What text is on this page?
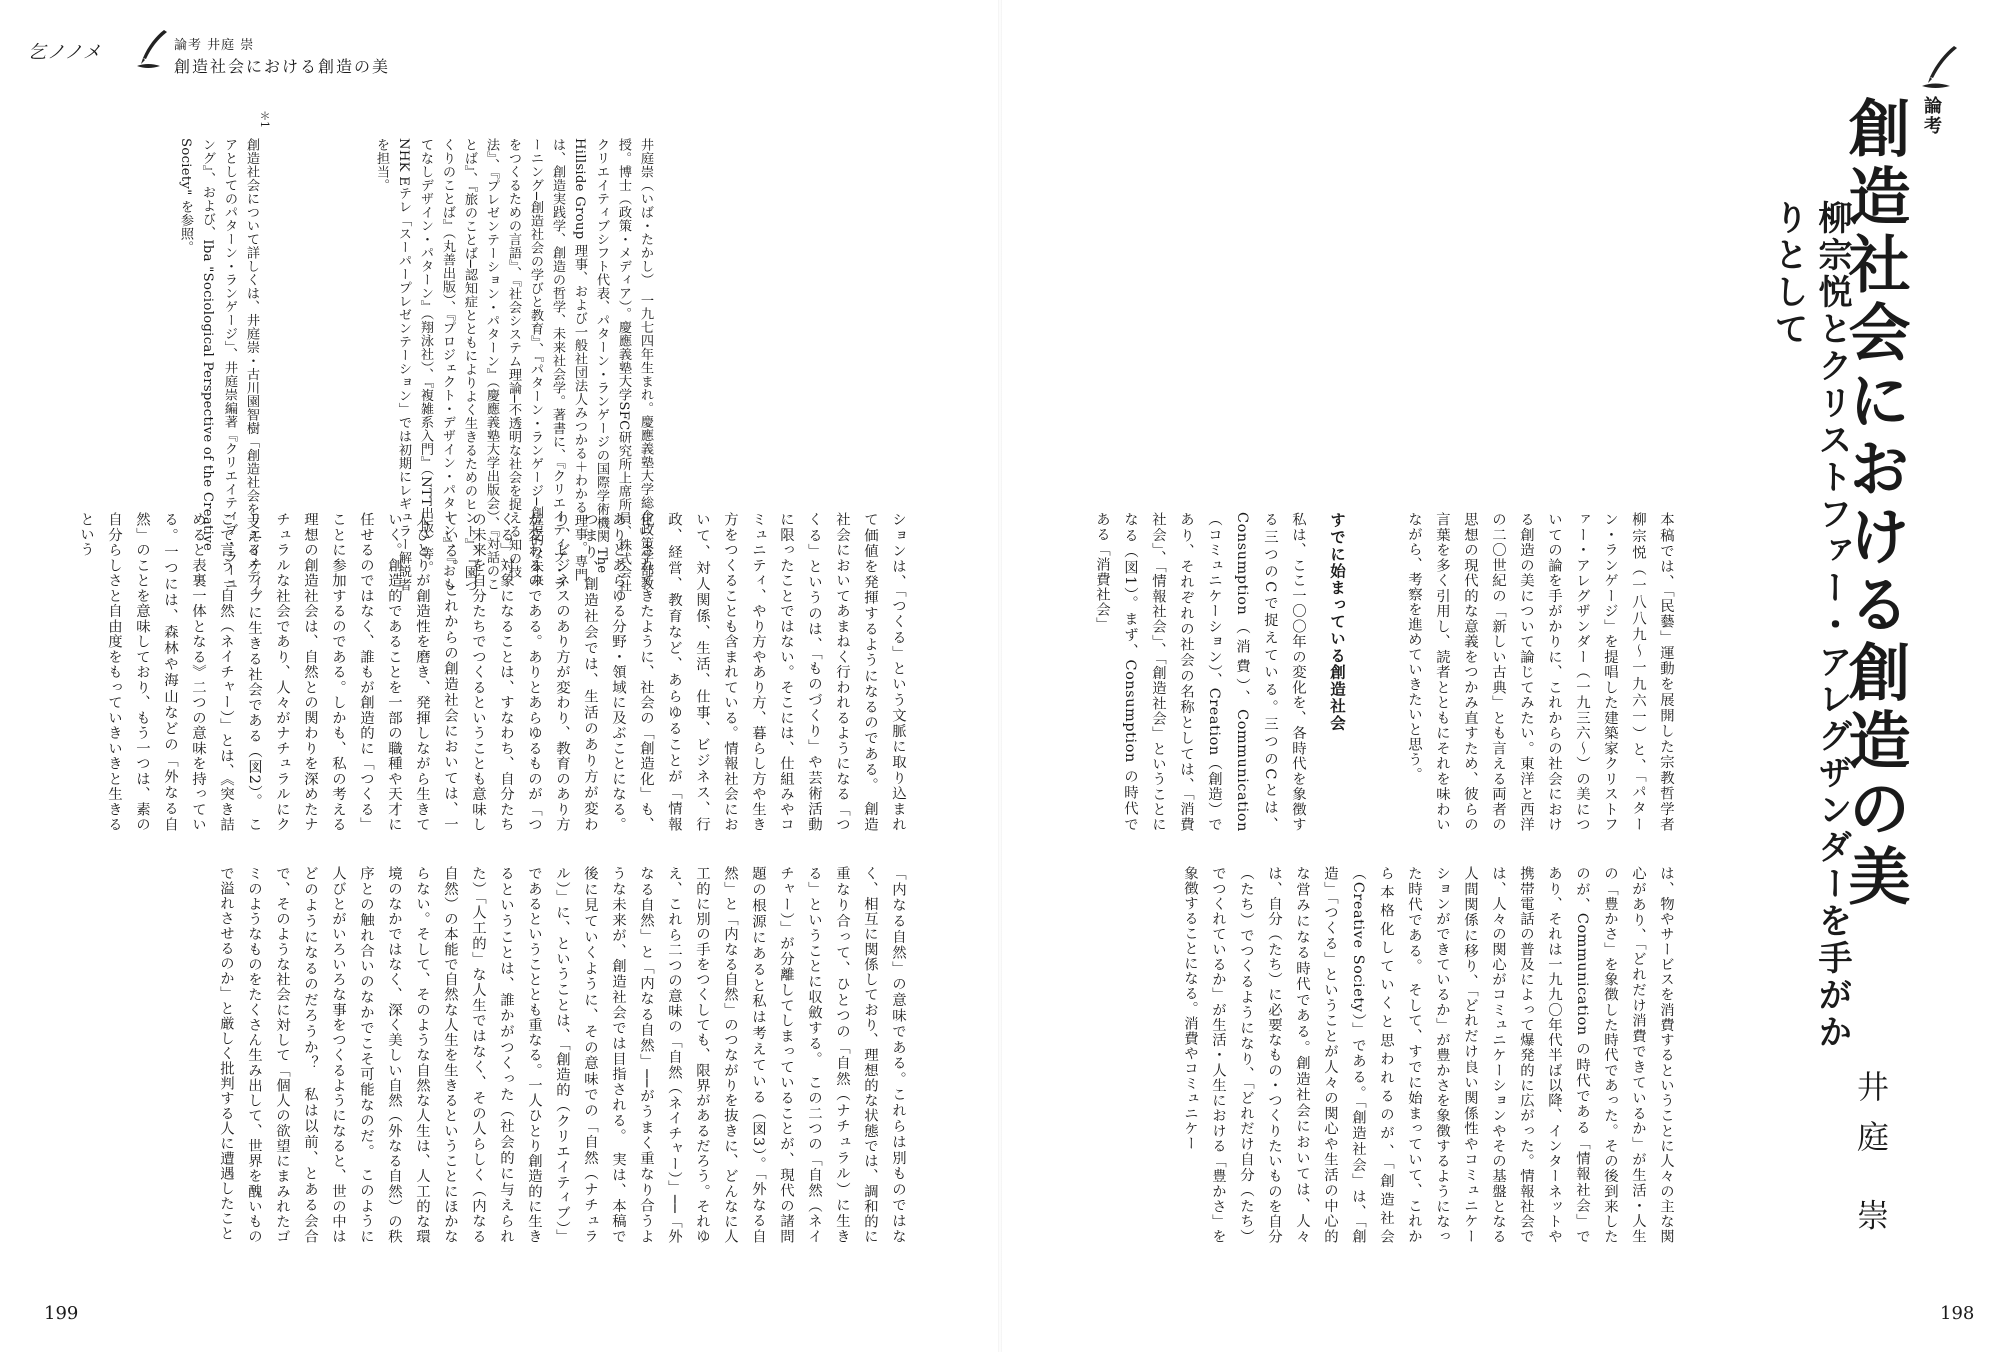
乞ノノメ	論考 井庭 崇
創造社会における創造の美
論考
創造社会における創造の美
柳宗悦とクリストファー・アレグザンダーを手がかりとして
井庭 崇

本稿では、「民藝」運動を展開した宗教哲学者柳宗悦（一八八九〜一九六一）と、「パターン・ランゲージ」を提唱した建築家クリストファー・アレグザンダー（一九三六〜）の美についての論を手がかりに、これからの社会における創造の美について論じてみたい。東洋と西洋の二〇世紀の「新しい古典」とも言える両者の思想の現代的な意義をつかみ直すため、彼らの言葉を多く引用し、読者とともにそれを味わいながら、考察を進めていきたいと思う。

すでに始まっている創造社会

私は、ここ一〇〇年の変化を、各時代を象徴する三つのCで捉えている。三つのCとは、Consumption（消費）、Communication（コミュニケーション）、Creation（創造）であり、それぞれの社会の名称としては、「消費社会」、「情報社会」、「創造社会」ということになる（図1）。まず、Consumption の時代である「消費社会」

は、物やサービスを消費するということに人々の主な関心があり、「どれだけ消費できているか」が生活・人生の「豊かさ」を象徴した時代であった。その後到来したのが、Communication の時代である「情報社会」であり、それは一九九〇年代半ば以降、インターネットや携帯電話の普及によって爆発的に広がった。情報社会では、人々の関心がコミュニケーションやその基盤となる人間関係に移り、「どれだけ良い関係性やコミュニケーションができているか」が豊かさを象徴するようになった時代である。　そして、すでに始まっていて、これから本格化していくと思われるのが、「創造社会（Creative Society）」である。「創造社会」は、「創造」「つくる」ということが人々の関心や生活の中心的な営みになる時代である。創造社会においては、人々は、自分（たち）に必要なもの・つくりたいものを自分（たち）でつくるようになり、「どれだけ自分（たち）でつくれているか」が生活・人生における「豊かさ」を象徴することになる。消費やコミュニケー

198

井庭崇（いば・たかし）　一九七四年生まれ。慶應義塾大学総合政策学部教授。博士（政策・メディア）。慶應義塾大学SFC研究所上席所員、株式会社クリエイティブシフト代表、パターン・ランゲージの国際学術機関 The Hillside Group 理事、および一般社団法人みつかる＋わかる理事。専門は、創造実践学、創造の哲学、未来社会学。著書に、『クリエイティブ・ラーニング─創造社会の学びと教育』、『パターン・ランゲージ─創造的な未来をつくるための言語』、『社会システム理論─不透明な社会を捉える知の技法』、『プレゼンテーション・パターン』（慶應義塾大学出版会）、『対話のことば』、『旅のことば─認知症とともによりよく生きるためのヒント』、『園づくりのことば』（丸善出版）、『プロジェクト・デザイン・パターン』、『おもてなしデザイン・パターン』（翔泳社）、『複雑系入門』（NTT出版）等。NHK Eテレ「スーパープレゼンテーション」では初期にレギュラー解説者を担当。

＊1

創造社会について詳しくは、井庭崇・古川園智樹「創造社会を支えるメディアとしてのパターン・ランゲージ」、井庭崇編著『クリエイティブ・ラーニング』、および、Iba "Sociological Perspective of the Creative Society" を参照。

ションは、「つくる」という文脈に取り込まれて価値を発揮するようになるのである。　創造社会においてあまねく行われるようになる「つくる」というのは、「ものづくり」や芸術活動に限ったことではない。そこには、仕組みやコミュニティ、やり方やあり方、暮らし方や生き方をつくることも含まれている。情報社会において、対人関係、生活、仕事、ビジネス、行政、経営、教育など、あらゆることが「情報化」されてきたように、社会の「創造化」も、ありとあらゆる分野・領域に及ぶことになる。つまり、創造社会では、生活のあり方が変わり、ビジネスのあり方が変わり、教育のあり方が変わるのである。ありとあらゆるものが「つくる」対象になることは、すなわち、自分たちの未来を自分たちでつくるということも意味している。　これからの創造社会においては、一人ひとりが創造性を磨き、発揮しながら生きていく。創造的であることを一部の職種や天才に任せるのではなく、誰もが創造的に「つくる」ことに参加するのである。しかも、私の考える理想の創造社会は、自然との関わりを深めたナチュラルな社会であり、人々がナチュラルにクリエイティブに生きる社会である（図2）。　ここで言う「自然（ネイチャー）」とは、《突き詰めると表裏一体となる》二つの意味を持っている。一つには、森林や海山などの「外なる自然」のことを意味しており、もう一つは、素の自分らしさと自由度をもっていきいきと生きるという

「内なる自然」の意味である。これらは別ものではなく、相互に関係しており、理想的な状態では、調和的に重なり合って、ひとつの「自然（ナチュラル）に生きる」ということに収斂する。　この二つの「自然（ネイチャー）」が分離してしまっていることが、現代の諸問題の根源にあると私は考えている（図3）。「外なる自然」と「内なる自然」のつながりを抜きに、どんなに人工的に別の手をつくしても、限界があるだろう。それゆえ、これら二つの意味の「自然（ネイチャー）」──「外なる自然」と「内なる自然」──がうまく重なり合うような未来が、創造社会では目指される。　実は、本稿で後に見ていくように、その意味での「自然（ナチュラル）」に、ということは、「創造的（クリエイティブ）」であるということとも重なる。一人ひとり創造的に生きるということは、誰かがつくった（社会的に与えられた）「人工的」な人生ではなく、その人らしく（内なる自然）の本能で自然な人生を生きるということにほかならない。そして、そのような自然な人生は、人工的な環境のなかではなく、深く美しい自然（外なる自然）の秩序との触れ合いのなかでこそ可能なのだ。　このように人びとがいろいろな事をつくるようになると、世の中はどのようになるのだろうか？　私は以前、とある会合で、そのような社会に対して「個人の欲望にまみれたゴミのようなものをたくさん生み出して、世界を醜いもので溢れさせるのか」と厳しく批判する人に遭遇したこと

199
